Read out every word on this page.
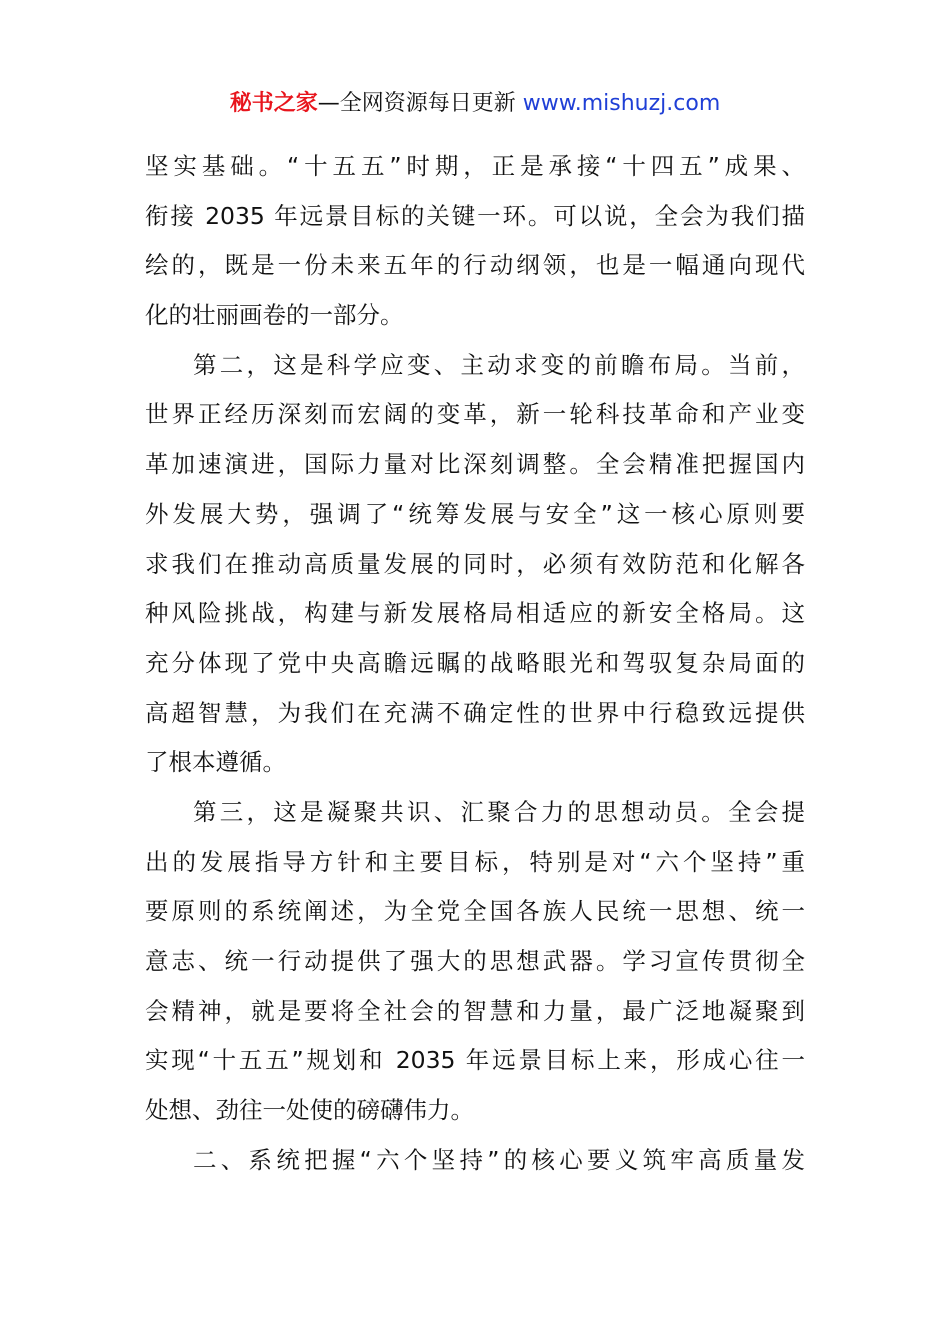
秘书之家—全网资源每日更新 www.mishuzj.com
坚实基础。“十五五”时期，正是承接“十四五”成果、
衔接 2035 年远景目标的关键一环。可以说，全会为我们描
绘的，既是一份未来五年的行动纲领，也是一幅通向现代
化的壮丽画卷的一部分。
第二，这是科学应变、主动求变的前瞻布局。当前，
世界正经历深刻而宏阔的变革，新一轮科技革命和产业变
革加速演进，国际力量对比深刻调整。全会精准把握国内
外发展大势，强调了“统筹发展与安全”这一核心原则要
求我们在推动高质量发展的同时，必须有效防范和化解各
种风险挑战，构建与新发展格局相适应的新安全格局。这
充分体现了党中央高瞻远瞩的战略眼光和驾驭复杂局面的
高超智慧，为我们在充满不确定性的世界中行稳致远提供
了根本遵循。
第三，这是凝聚共识、汇聚合力的思想动员。全会提
出的发展指导方针和主要目标，特别是对“六个坚持”重
要原则的系统阐述，为全党全国各族人民统一思想、统一
意志、统一行动提供了强大的思想武器。学习宣传贯彻全
会精神，就是要将全社会的智慧和力量，最广泛地凝聚到
实现“十五五”规划和 2035 年远景目标上来，形成心往一
处想、劲往一处使的磅礴伟力。
二、系统把握“六个坚持”的核心要义筑牢高质量发
